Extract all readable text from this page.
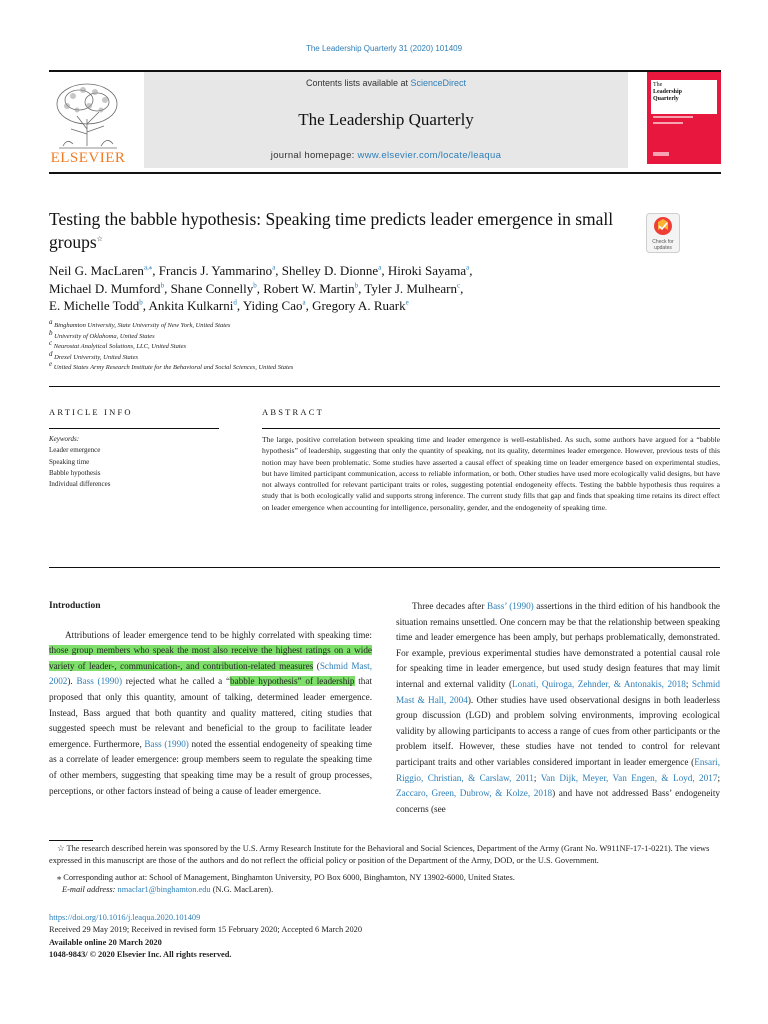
The Leadership Quarterly 31 (2020) 101409
ELSEVIER
Contents lists available at ScienceDirect
The Leadership Quarterly
journal homepage: www.elsevier.com/locate/leaqua
The
Leadership
Quarterly
Testing the babble hypothesis: Speaking time predicts leader emergence in small groups☆	Check for
updates
Neil G. MacLaren$^{a,⁎}$, Francis J. Yammarino$^a$, Shelley D. Dionne$^a$, Hiroki Sayama$^a$,
Michael D. Mumford$^b$, Shane Connelly$^b$, Robert W. Martin$^b$, Tyler J. Mulhearn$^c$,
E. Michelle Todd$^b$, Ankita Kulkarni$^d$, Yiding Cao$^a$, Gregory A. Ruark$^e$
$^a$ Binghamton University, State University of New York, United States
$^b$ University of Oklahoma, United States
$^c$ Neurostat Analytical Solutions, LLC, United States
$^d$ Drexel University, United States
$^e$ United States Army Research Institute for the Behavioral and Social Sciences, United States
ARTICLE INFO	ABSTRACT
Keywords:
Leader emergence
Speaking time
Babble hypothesis
Individual differences
The large, positive correlation between speaking time and leader emergence is well-established. As such, some authors have argued for a “babble hypothesis” of leadership, suggesting that only the quantity of speaking, not its quality, determines leader emergence. However, previous tests of this notion may have been problematic. Some studies have asserted a causal effect of speaking time on leader emergence based on experimental studies, but have limited participant communication, access to reliable information, or both. Other studies have used more ecologically valid designs, but have not always controlled for relevant participant traits or roles, suggesting potential endogeneity effects. Testing the babble hypothesis thus requires a study that is both ecologically valid and supports strong inference. The current study fills that gap and finds that speaking time retains its direct effect on leader emergence when accounting for intelligence, personality, gender, and the endogeneity of speaking time.
Introduction

Attributions of leader emergence tend to be highly correlated with speaking time: those group members who speak the most also receive the highest ratings on a wide variety of leader-, communication-, and contribution-related measures (Schmid Mast, 2002). Bass (1990) rejected what he called a “babble hypothesis” of leadership that proposed that only this quantity, amount of talking, determined leader emergence. Instead, Bass argued that both quantity and quality mattered, citing studies that suggested speech must be relevant and beneficial to the group to facilitate leader emergence. Furthermore, Bass (1990) noted the essential endogeneity of speaking time as a correlate of leader emergence: group members seem to regulate the speaking time of other members, suggesting that speaking time may be a result of group processes, perceptions, or other factors instead of being a cause of leader emergence.

Three decades after Bass’ (1990) assertions in the third edition of his handbook the situation remains unsettled. One concern may be that the relationship between speaking time and leader emergence has been amply, but perhaps problematically, demonstrated. For example, previous experimental studies have demonstrated a potential causal role for speaking time in leader emergence, but used study design features that may limit internal and external validity (Lonati, Quiroga, Zehnder, & Antonakis, 2018; Schmid Mast & Hall, 2004). Other studies have used observational designs in both leaderless group discussion (LGD) and problem solving environments, improving ecological validity by allowing participants to access a range of cues from other participants or the problem itself. However, these studies have not tended to control for relevant participant traits and other variables considered important in leader emergence (Ensari, Riggio, Christian, & Carslaw, 2011; Van Dijk, Meyer, Van Engen, & Loyd, 2017; Zaccaro, Green, Dubrow, & Kolze, 2018) and have not addressed Bass’ endogeneity concerns (see

☆ The research described herein was sponsored by the U.S. Army Research Institute for the Behavioral and Social Sciences, Department of the Army (Grant No. W911NF-17-1-0221). The views expressed in this manuscript are those of the authors and do not reflect the official policy or position of the Department of the Army, DOD, or the U.S. Government.

⁎ Corresponding author at: School of Management, Binghamton University, PO Box 6000, Binghamton, NY 13902-6000, United States.

E-mail address: nmaclar1@binghamton.edu (N.G. MacLaren).

https://doi.org/10.1016/j.leaqua.2020.101409

Received 29 May 2019; Received in revised form 15 February 2020; Accepted 6 March 2020

Available online 20 March 2020

1048-9843/ © 2020 Elsevier Inc. All rights reserved.
